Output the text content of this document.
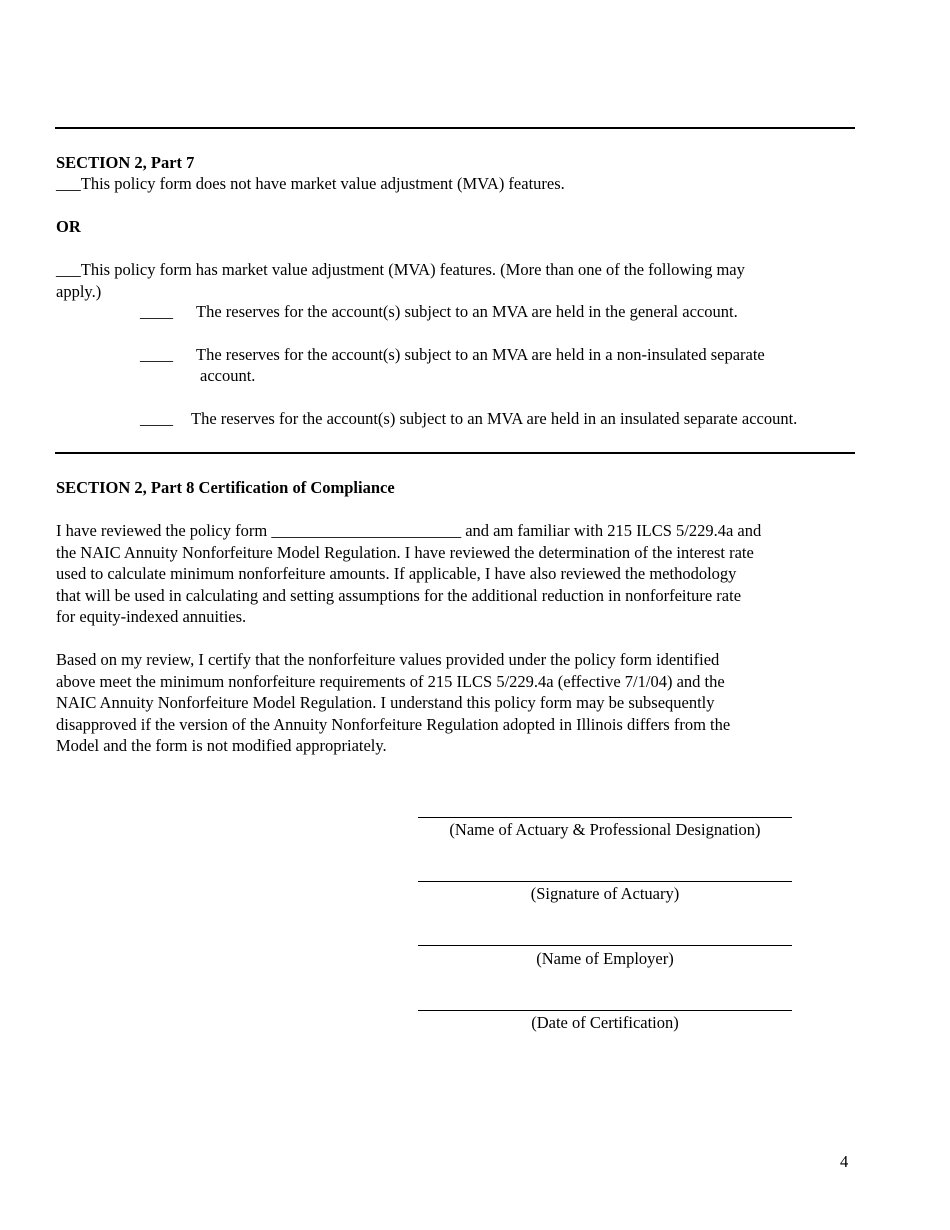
SECTION 2, Part 7
___This policy form does not have market value adjustment (MVA) features.
OR
___This policy form has market value adjustment (MVA) features. (More than one of the following may
apply.)
____ The reserves for the account(s) subject to an MVA are held in the general account.
____ The reserves for the account(s) subject to an MVA are held in a non-insulated separate
account.
____ The reserves for the account(s) subject to an MVA are held in an insulated separate account.
SECTION 2, Part 8 Certification of Compliance
I have reviewed the policy form _______________________ and am familiar with 215 ILCS 5/229.4a and
the NAIC Annuity Nonforfeiture Model Regulation. I have reviewed the determination of the interest rate
used to calculate minimum nonforfeiture amounts. If applicable, I have also reviewed the methodology
that will be used in calculating and setting assumptions for the additional reduction in nonforfeiture rate
for equity-indexed annuities.
Based on my review, I certify that the nonforfeiture values provided under the policy form identified
above meet the minimum nonforfeiture requirements of 215 ILCS 5/229.4a (effective 7/1/04) and the
NAIC Annuity Nonforfeiture Model Regulation. I understand this policy form may be subsequently
disapproved if the version of the Annuity Nonforfeiture Regulation adopted in Illinois differs from the
Model and the form is not modified appropriately.
(Name of Actuary & Professional Designation)
(Signature of Actuary)
(Name of Employer)
(Date of Certification)
4
